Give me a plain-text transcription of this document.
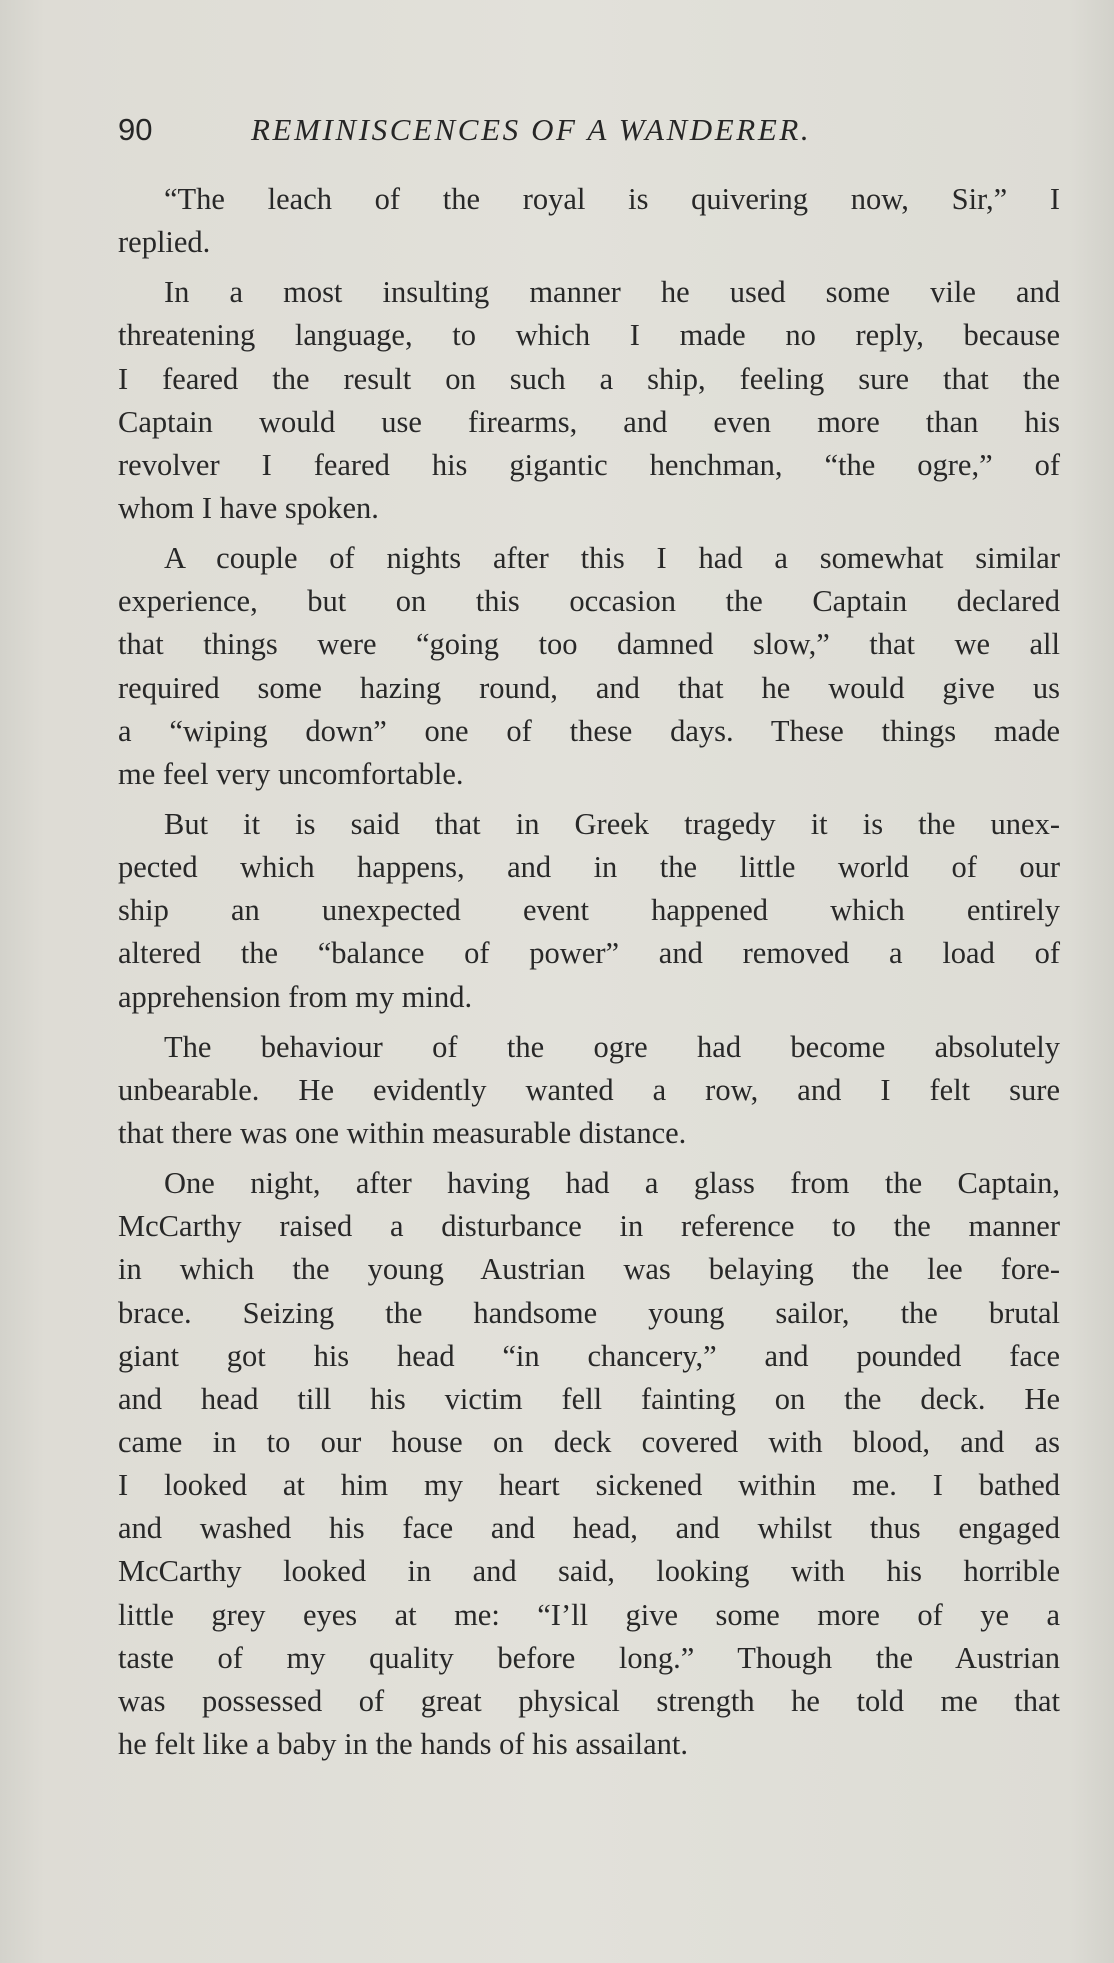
90	REMINISCENCES OF A WANDERER.
“The leach of the royal is quivering now, Sir,” I
replied.
In a most insulting manner he used some vile and
threatening language, to which I made no reply, because
I feared the result on such a ship, feeling sure that the
Captain would use firearms, and even more than his
revolver I feared his gigantic henchman, “the ogre,” of
whom I have spoken.
A couple of nights after this I had a somewhat similar
experience, but on this occasion the Captain declared
that things were “going too damned slow,” that we all
required some hazing round, and that he would give us
a “wiping down” one of these days. These things made
me feel very uncomfortable.
But it is said that in Greek tragedy it is the unex-
pected which happens, and in the little world of our
ship an unexpected event happened which entirely
altered the “balance of power” and removed a load of
apprehension from my mind.
The behaviour of the ogre had become absolutely
unbearable. He evidently wanted a row, and I felt sure
that there was one within measurable distance.
One night, after having had a glass from the Captain,
McCarthy raised a disturbance in reference to the manner
in which the young Austrian was belaying the lee fore-
brace. Seizing the handsome young sailor, the brutal
giant got his head “in chancery,” and pounded face
and head till his victim fell fainting on the deck. He
came in to our house on deck covered with blood, and as
I looked at him my heart sickened within me. I bathed
and washed his face and head, and whilst thus engaged
McCarthy looked in and said, looking with his horrible
little grey eyes at me: “I’ll give some more of ye a
taste of my quality before long.” Though the Austrian
was possessed of great physical strength he told me that
he felt like a baby in the hands of his assailant.
